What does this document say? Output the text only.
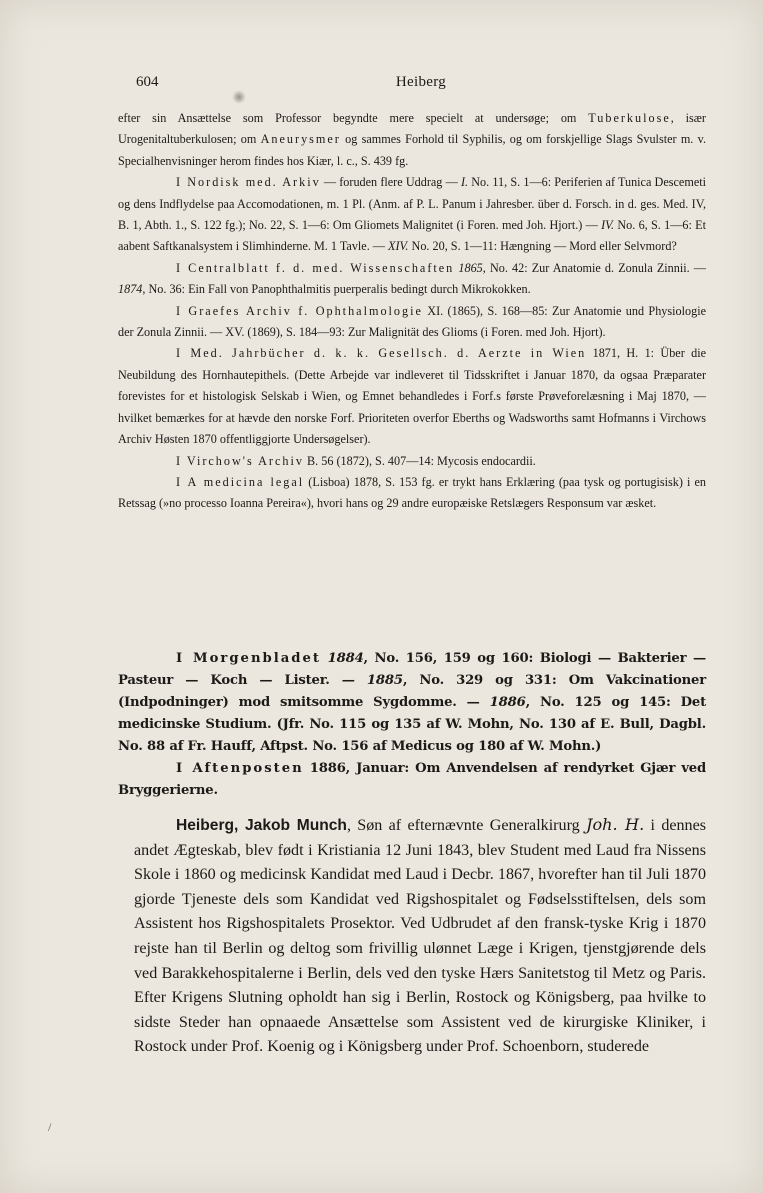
604	Heiberg

efter sin Ansættelse som Professor begyndte mere specielt at undersøge; om Tuberkulose, især Urogenitaltuberkulosen; om Aneurysmer og sammes Forhold til Syphilis, og om forskjellige Slags Svulster m. v. Specialhenvisninger herom findes hos Kiær, l. c., S. 439 fg.

I Nordisk med. Arkiv — foruden flere Uddrag — I. No. 11, S. 1—6: Periferien af Tunica Descemeti og dens Indflydelse paa Accomodationen, m. 1 Pl. (Anm. af P. L. Panum i Jahresber. über d. Forsch. in d. ges. Med. IV, B. 1, Abth. 1., S. 122 fg.); No. 22, S. 1—6: Om Gliomets Malignitet (i Foren. med Joh. Hjort.) — IV. No. 6, S. 1—6: Et aabent Saftkanalsystem i Slimhinderne. M. 1 Tavle. — XIV. No. 20, S. 1—11: Hængning — Mord eller Selvmord?

I Centralblatt f. d. med. Wissenschaften 1865, No. 42: Zur Anatomie d. Zonula Zinnii. — 1874, No. 36: Ein Fall von Panophthalmitis puerperalis bedingt durch Mikrokokken.

I Graefes Archiv f. Ophthalmologie XI. (1865), S. 168—85: Zur Anatomie und Physiologie der Zonula Zinnii. — XV. (1869), S. 184—93: Zur Malignität des Glioms (i Foren. med Joh. Hjort).

I Med. Jahrbücher d. k. k. Gesellsch. d. Aerzte in Wien 1871, H. 1: Über die Neubildung des Hornhautepithels. (Dette Arbejde var indleveret til Tidsskriftet i Januar 1870, da ogsaa Præparater forevistes for et histologisk Selskab i Wien, og Emnet behandledes i Forf.s første Prøveforelæsning i Maj 1870, — hvilket bemærkes for at hævde den norske Forf. Prioriteten overfor Eberths og Wadsworths samt Hofmanns i Virchows Archiv Høsten 1870 offentliggjorte Undersøgelser).

I Virchow's Archiv B. 56 (1872), S. 407—14: Mycosis endocardii.

I A medicina legal (Lisboa) 1878, S. 153 fg. er trykt hans Erklæring (paa tysk og portugisisk) i en Retssag (»no processo Ioanna Pereira«), hvori hans og 29 andre europæiske Retslægers Responsum var æsket.

I Morgenbladet 1884, No. 156, 159 og 160: Biologi — Bakterier — Pasteur — Koch — Lister. — 1885, No. 329 og 331: Om Vakcinationer (Indpodninger) mod smitsomme Sygdomme. — 1886, No. 125 og 145: Det medicinske Studium. (Jfr. No. 115 og 135 af W. Mohn, No. 130 af E. Bull, Dagbl. No. 88 af Fr. Hauff, Aftpst. No. 156 af Medicus og 180 af W. Mohn.)

I Aftenposten 1886, Januar: Om Anvendelsen af rendyrket Gjær ved Bryggerierne.

Heiberg, Jakob Munch, Søn af efternævnte Generalkirurg Joh. H. i dennes andet Ægteskab, blev født i Kristiania 12 Juni 1843, blev Student med Laud fra Nissens Skole i 1860 og medicinsk Kandidat med Laud i Decbr. 1867, hvorefter han til Juli 1870 gjorde Tjeneste dels som Kandidat ved Rigshospitalet og Fødselsstiftelsen, dels som Assistent hos Rigshospitalets Prosektor. Ved Udbrudet af den fransk-tyske Krig i 1870 rejste han til Berlin og deltog som frivillig ulønnet Læge i Krigen, tjenstgjørende dels ved Barakkehospitalerne i Berlin, dels ved den tyske Hærs Sanitetstog til Metz og Paris. Efter Krigens Slutning opholdt han sig i Berlin, Rostock og Königsberg, paa hvilke to sidste Steder han opnaaede Ansættelse som Assistent ved de kirurgiske Kliniker, i Rostock under Prof. Koenig og i Königsberg under Prof. Schoenborn, studerede

/
